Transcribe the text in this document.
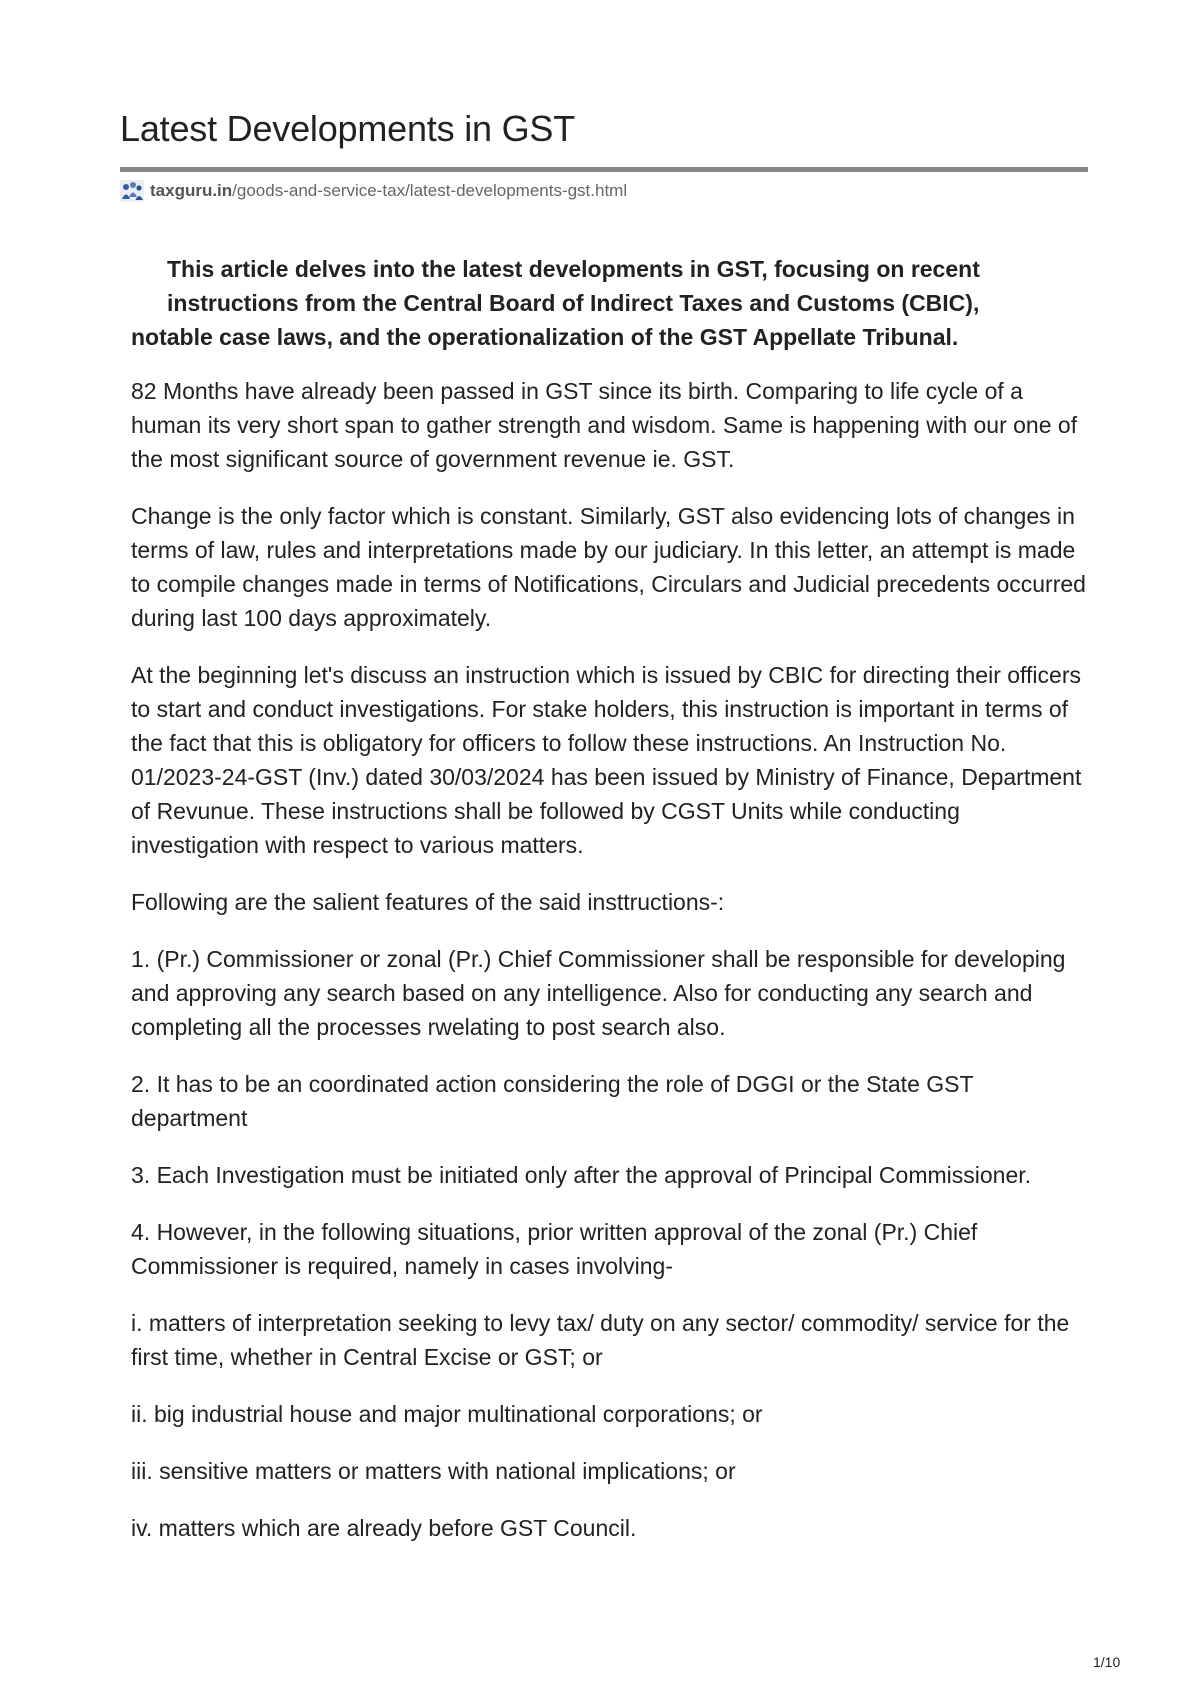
Latest Developments in GST
taxguru.in /goods-and-service-tax/latest-developments-gst.html
This article delves into the latest developments in GST, focusing on recent
instructions from the Central Board of Indirect Taxes and Customs (CBIC),
notable case laws, and the operationalization of the GST Appellate Tribunal.

82 Months have already been passed in GST since its birth. Comparing to life cycle of a human its very short span to gather strength and wisdom. Same is happening with our one of the most significant source of government revenue ie. GST.

Change is the only factor which is constant. Similarly, GST also evidencing lots of changes in terms of law, rules and interpretations made by our judiciary. In this letter, an attempt is made to compile changes made in terms of Notifications, Circulars and Judicial precedents occurred during last 100 days approximately.

At the beginning let's discuss an instruction which is issued by CBIC for directing their officers to start and conduct investigations. For stake holders, this instruction is important in terms of the fact that this is obligatory for officers to follow these instructions. An Instruction No. 01/2023-24-GST (Inv.) dated 30/03/2024 has been issued by Ministry of Finance, Department of Revunue. These instructions shall be followed by CGST Units while conducting investigation with respect to various matters.

Following are the salient features of the said insttructions-:

1. (Pr.) Commissioner or zonal (Pr.) Chief Commissioner shall be responsible for developing and approving any search based on any intelligence. Also for conducting any search and completing all the processes rwelating to post search also.

2. It has to be an coordinated action considering the role of DGGI or the State GST department

3. Each Investigation must be initiated only after the approval of Principal Commissioner.

4. However, in the following situations, prior written approval of the zonal (Pr.) Chief Commissioner is required, namely in cases involving-

i. matters of interpretation seeking to levy tax/ duty on any sector/ commodity/ service for the first time, whether in Central Excise or GST; or

ii. big industrial house and major multinational corporations; or

iii. sensitive matters or matters with national implications; or

iv. matters which are already before GST Council.

1/10
